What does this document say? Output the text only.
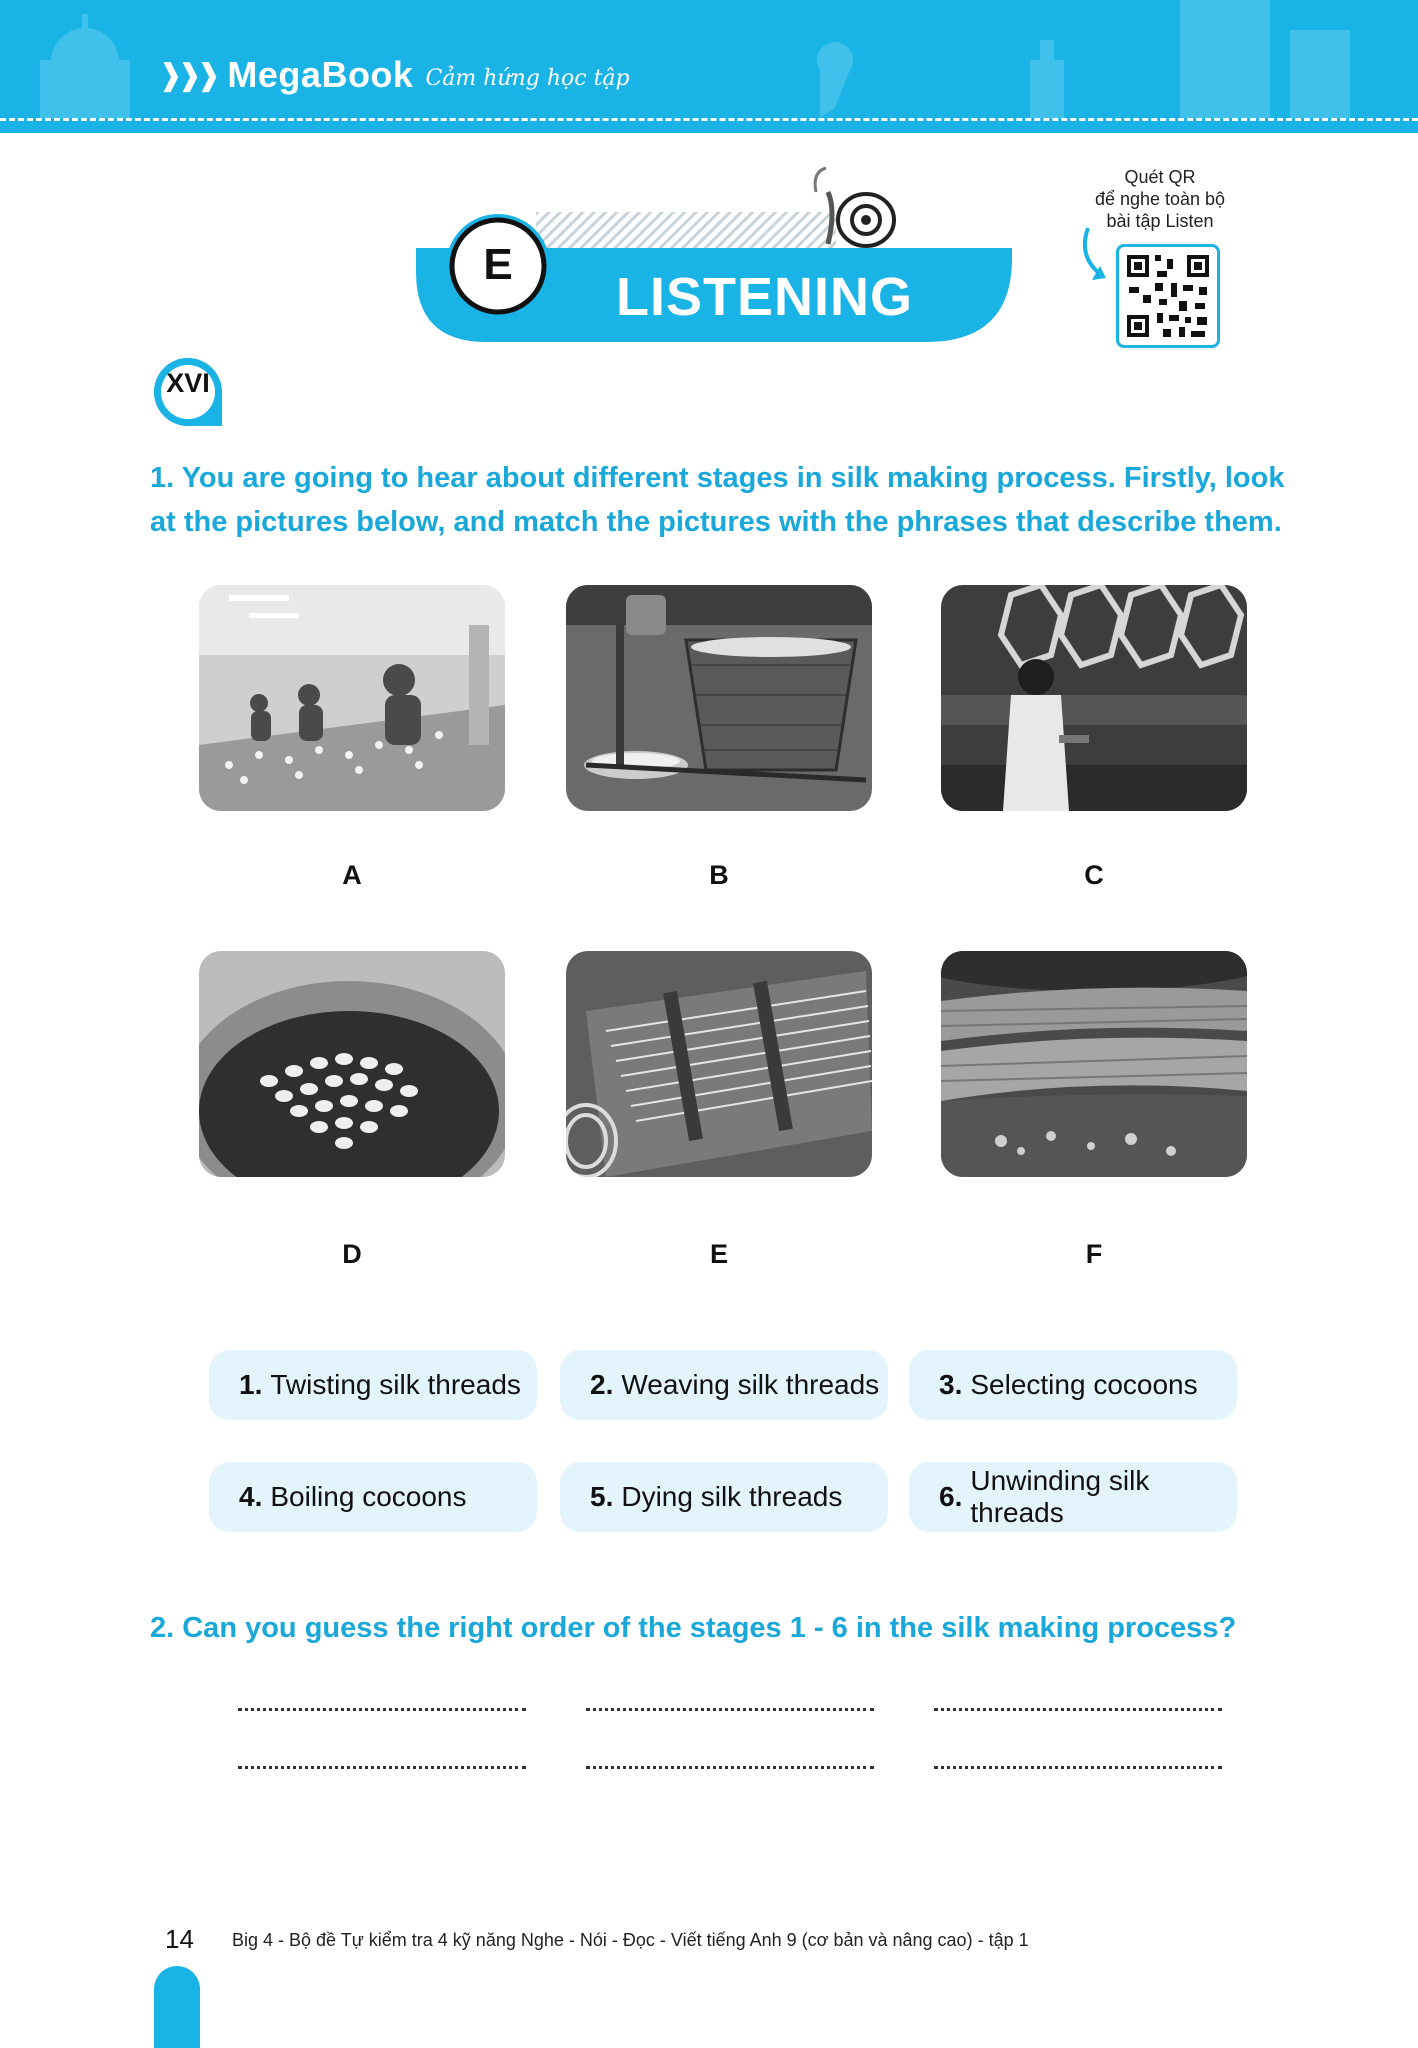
❱❱❱ MegaBook Cảm hứng học tập
E
LISTENING
Quét QR
để nghe toàn bộ
bài tập Listen
XVI
1. You are going to hear about different stages in silk making process. Firstly, look at the pictures below, and match the pictures with the phrases that describe them.
A	B	C
D	E	F
1. Twisting silk threads 2. Weaving silk threads 3. Selecting cocoons
4. Boiling cocoons	5. Dying silk threads	6.
Unwinding silk threads
2. Can you guess the right order of the stages 1 - 6 in the silk making process?
14 Big 4 - Bộ đề Tự kiểm tra 4 kỹ năng Nghe - Nói - Đọc - Viết tiếng Anh 9 (cơ bản và nâng cao) - tập 1
